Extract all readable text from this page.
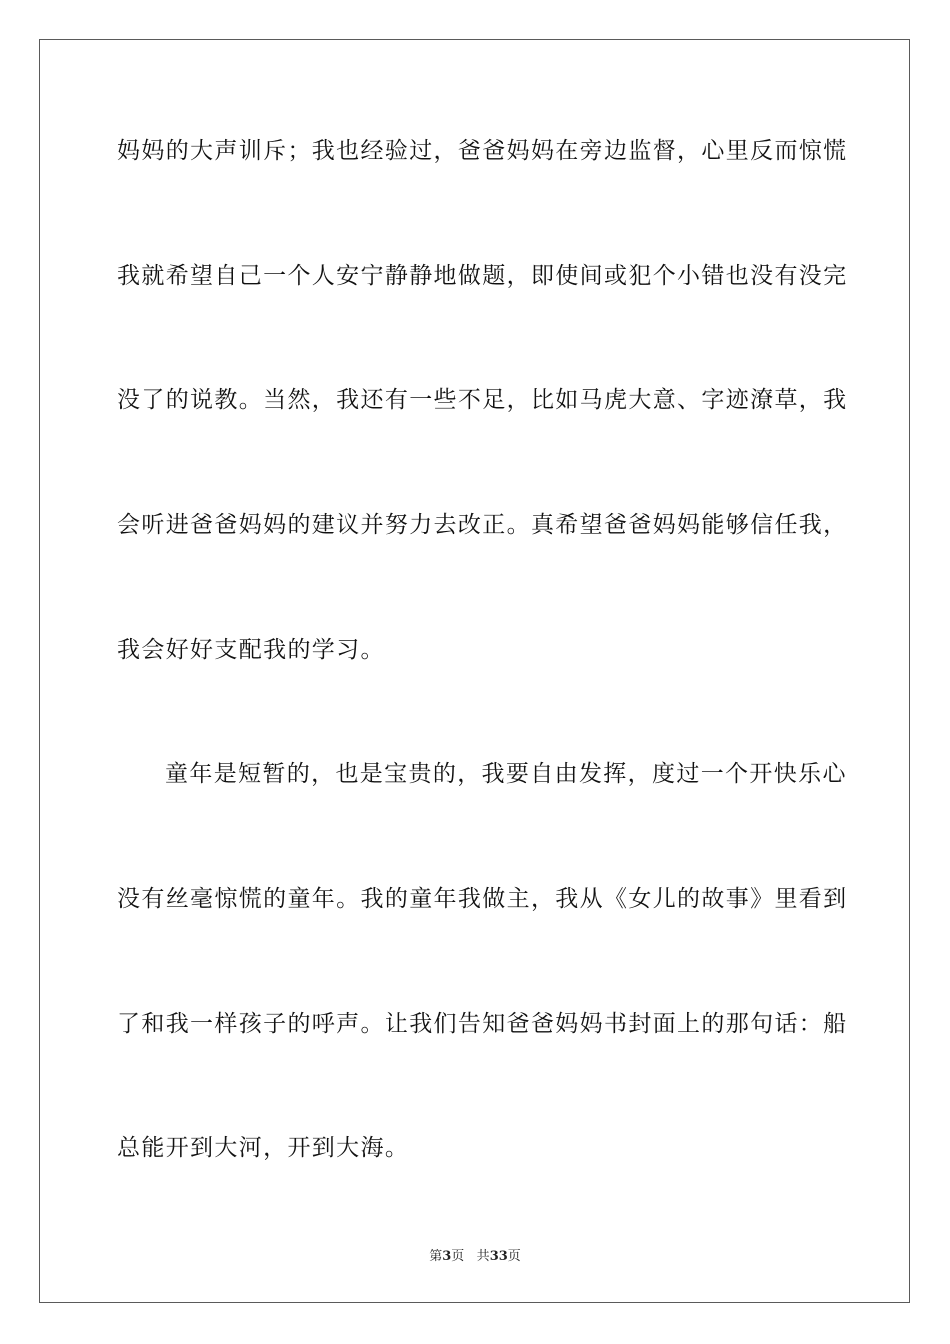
妈妈的大声训斥；我也经验过，爸爸妈妈在旁边监督，心里反而惊慌
我就希望自己一个人安宁静静地做题，即使间或犯个小错也没有没完
没了的说教。当然，我还有一些不足，比如马虎大意、字迹潦草，我
会听进爸爸妈妈的建议并努力去改正。真希望爸爸妈妈能够信任我，
我会好好支配我的学习。
童年是短暂的，也是宝贵的，我要自由发挥，度过一个开快乐心
没有丝毫惊慌的童年。我的童年我做主，我从《女儿的故事》里看到
了和我一样孩子的呼声。让我们告知爸爸妈妈书封面上的那句话：船
总能开到大河，开到大海。
第3页 共33页
